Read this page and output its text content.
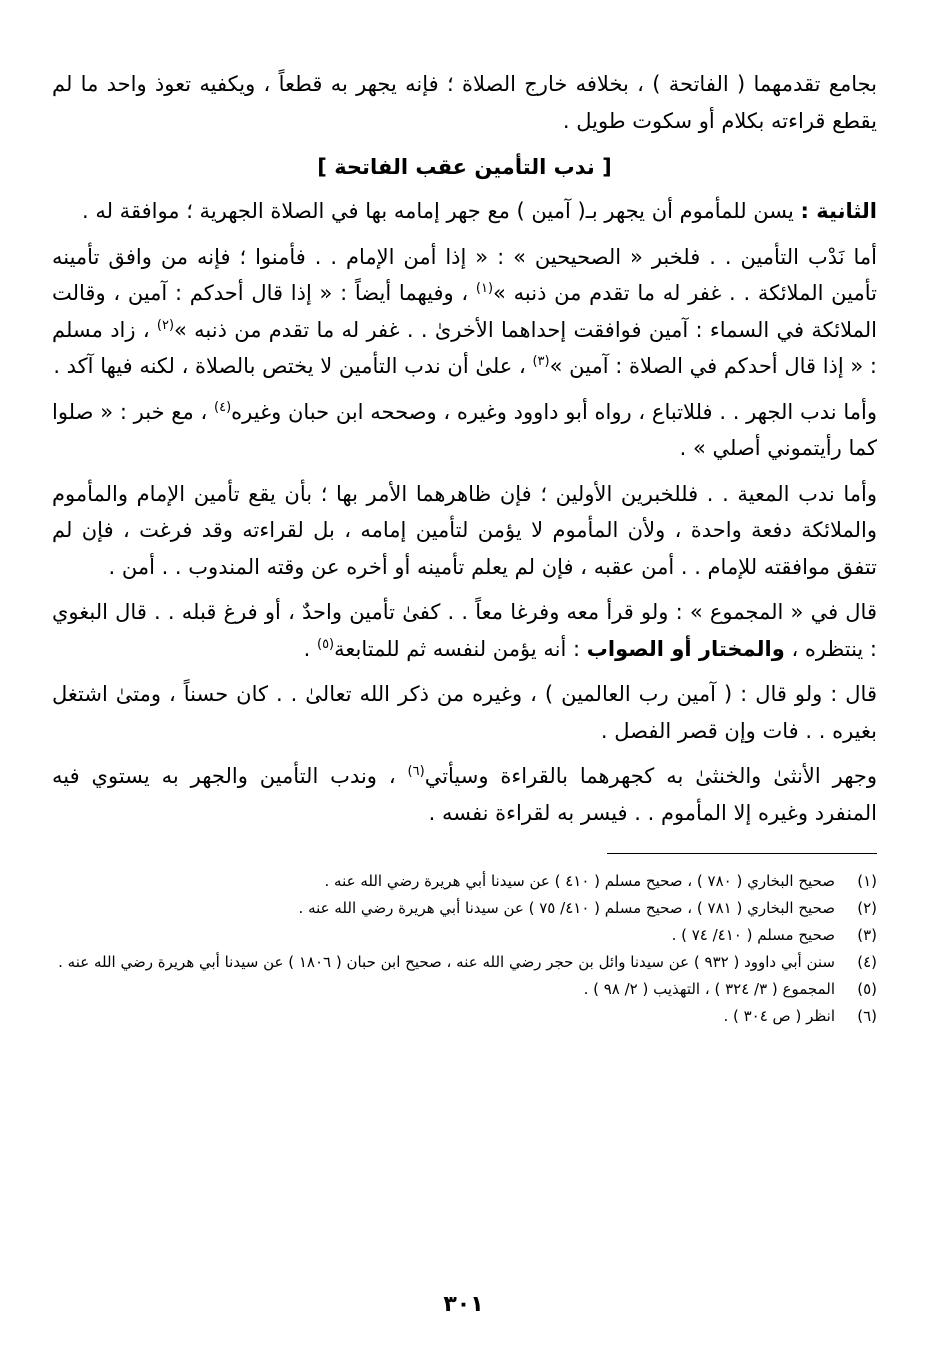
بجامع تقدمهما ( الفاتحة ) ، بخلافه خارج الصلاة ؛ فإنه يجهر به قطعاً ، ويكفيه تعوذ واحد ما لم يقطع قراءته بكلام أو سكوت طويل .

[ ندب التأمين عقب الفاتحة ]

الثانية : يسن للمأموم أن يجهر بـ( آمين ) مع جهر إمامه بها في الصلاة الجهرية ؛ موافقة له .

أما نَدْب التأمين . . فلخبر « الصحيحين » : « إذا أمن الإمام . . فأمنوا ؛ فإنه من وافق تأمينه تأمين الملائكة . . غفر له ما تقدم من ذنبه »$^{(١)}$ ، وفيهما أيضاً : « إذا قال أحدكم : آمين ، وقالت الملائكة في السماء : آمين فوافقت إحداهما الأخرىٰ . . غفر له ما تقدم من ذنبه »$^{(٢)}$ ، زاد مسلم : « إذا قال أحدكم في الصلاة : آمين »$^{(٣)}$ ، علىٰ أن ندب التأمين لا يختص بالصلاة ، لكنه فيها آكد .

وأما ندب الجهر . . فللاتباع ، رواه أبو داوود وغيره ، وصححه ابن حبان وغيره$^{(٤)}$ ، مع خبر : « صلوا كما رأيتموني أصلي » .

وأما ندب المعية . . فللخبرين الأولين ؛ فإن ظاهرهما الأمر بها ؛ بأن يقع تأمين الإمام والمأموم والملائكة دفعة واحدة ، ولأن المأموم لا يؤمن لتأمين إمامه ، بل لقراءته وقد فرغت ، فإن لم تتفق موافقته للإمام . . أمن عقبه ، فإن لم يعلم تأمينه أو أخره عن وقته المندوب . . أمن .

قال في « المجموع » : ولو قرأ معه وفرغا معاً . . كفىٰ تأمين واحدٌ ، أو فرغ قبله . . قال البغوي : ينتظره ، والمختار أو الصواب : أنه يؤمن لنفسه ثم للمتابعة$^{(٥)}$ .

قال : ولو قال : ( آمين رب العالمين ) ، وغيره من ذكر الله تعالىٰ . . كان حسناً ، ومتىٰ اشتغل بغيره . . فات وإن قصر الفصل .

وجهر الأنثىٰ والخنثىٰ به كجهرهما بالقراءة وسيأتي$^{(٦)}$ ، وندب التأمين والجهر به يستوي فيه المنفرد وغيره إلا المأموم . . فيسر به لقراءة نفسه .

(١)
صحيح البخاري ( ٧٨٠ ) ، صحيح مسلم ( ٤١٠ ) عن سيدنا أبي هريرة رضي الله عنه .
(٢)
صحيح البخاري ( ٧٨١ ) ، صحيح مسلم ( ٤١٠/ ٧٥ ) عن سيدنا أبي هريرة رضي الله عنه .
(٣)
صحيح مسلم ( ٤١٠/ ٧٤ ) .
(٤)
سنن أبي داوود ( ٩٣٢ ) عن سيدنا وائل بن حجر رضي الله عنه ، صحيح ابن حبان ( ١٨٠٦ ) عن سيدنا أبي هريرة رضي الله عنه .
(٥)
المجموع ( ٣/ ٣٢٤ ) ، التهذيب ( ٢/ ٩٨ ) .
(٦)
انظر ( ص ٣٠٤ ) .
٣٠١
